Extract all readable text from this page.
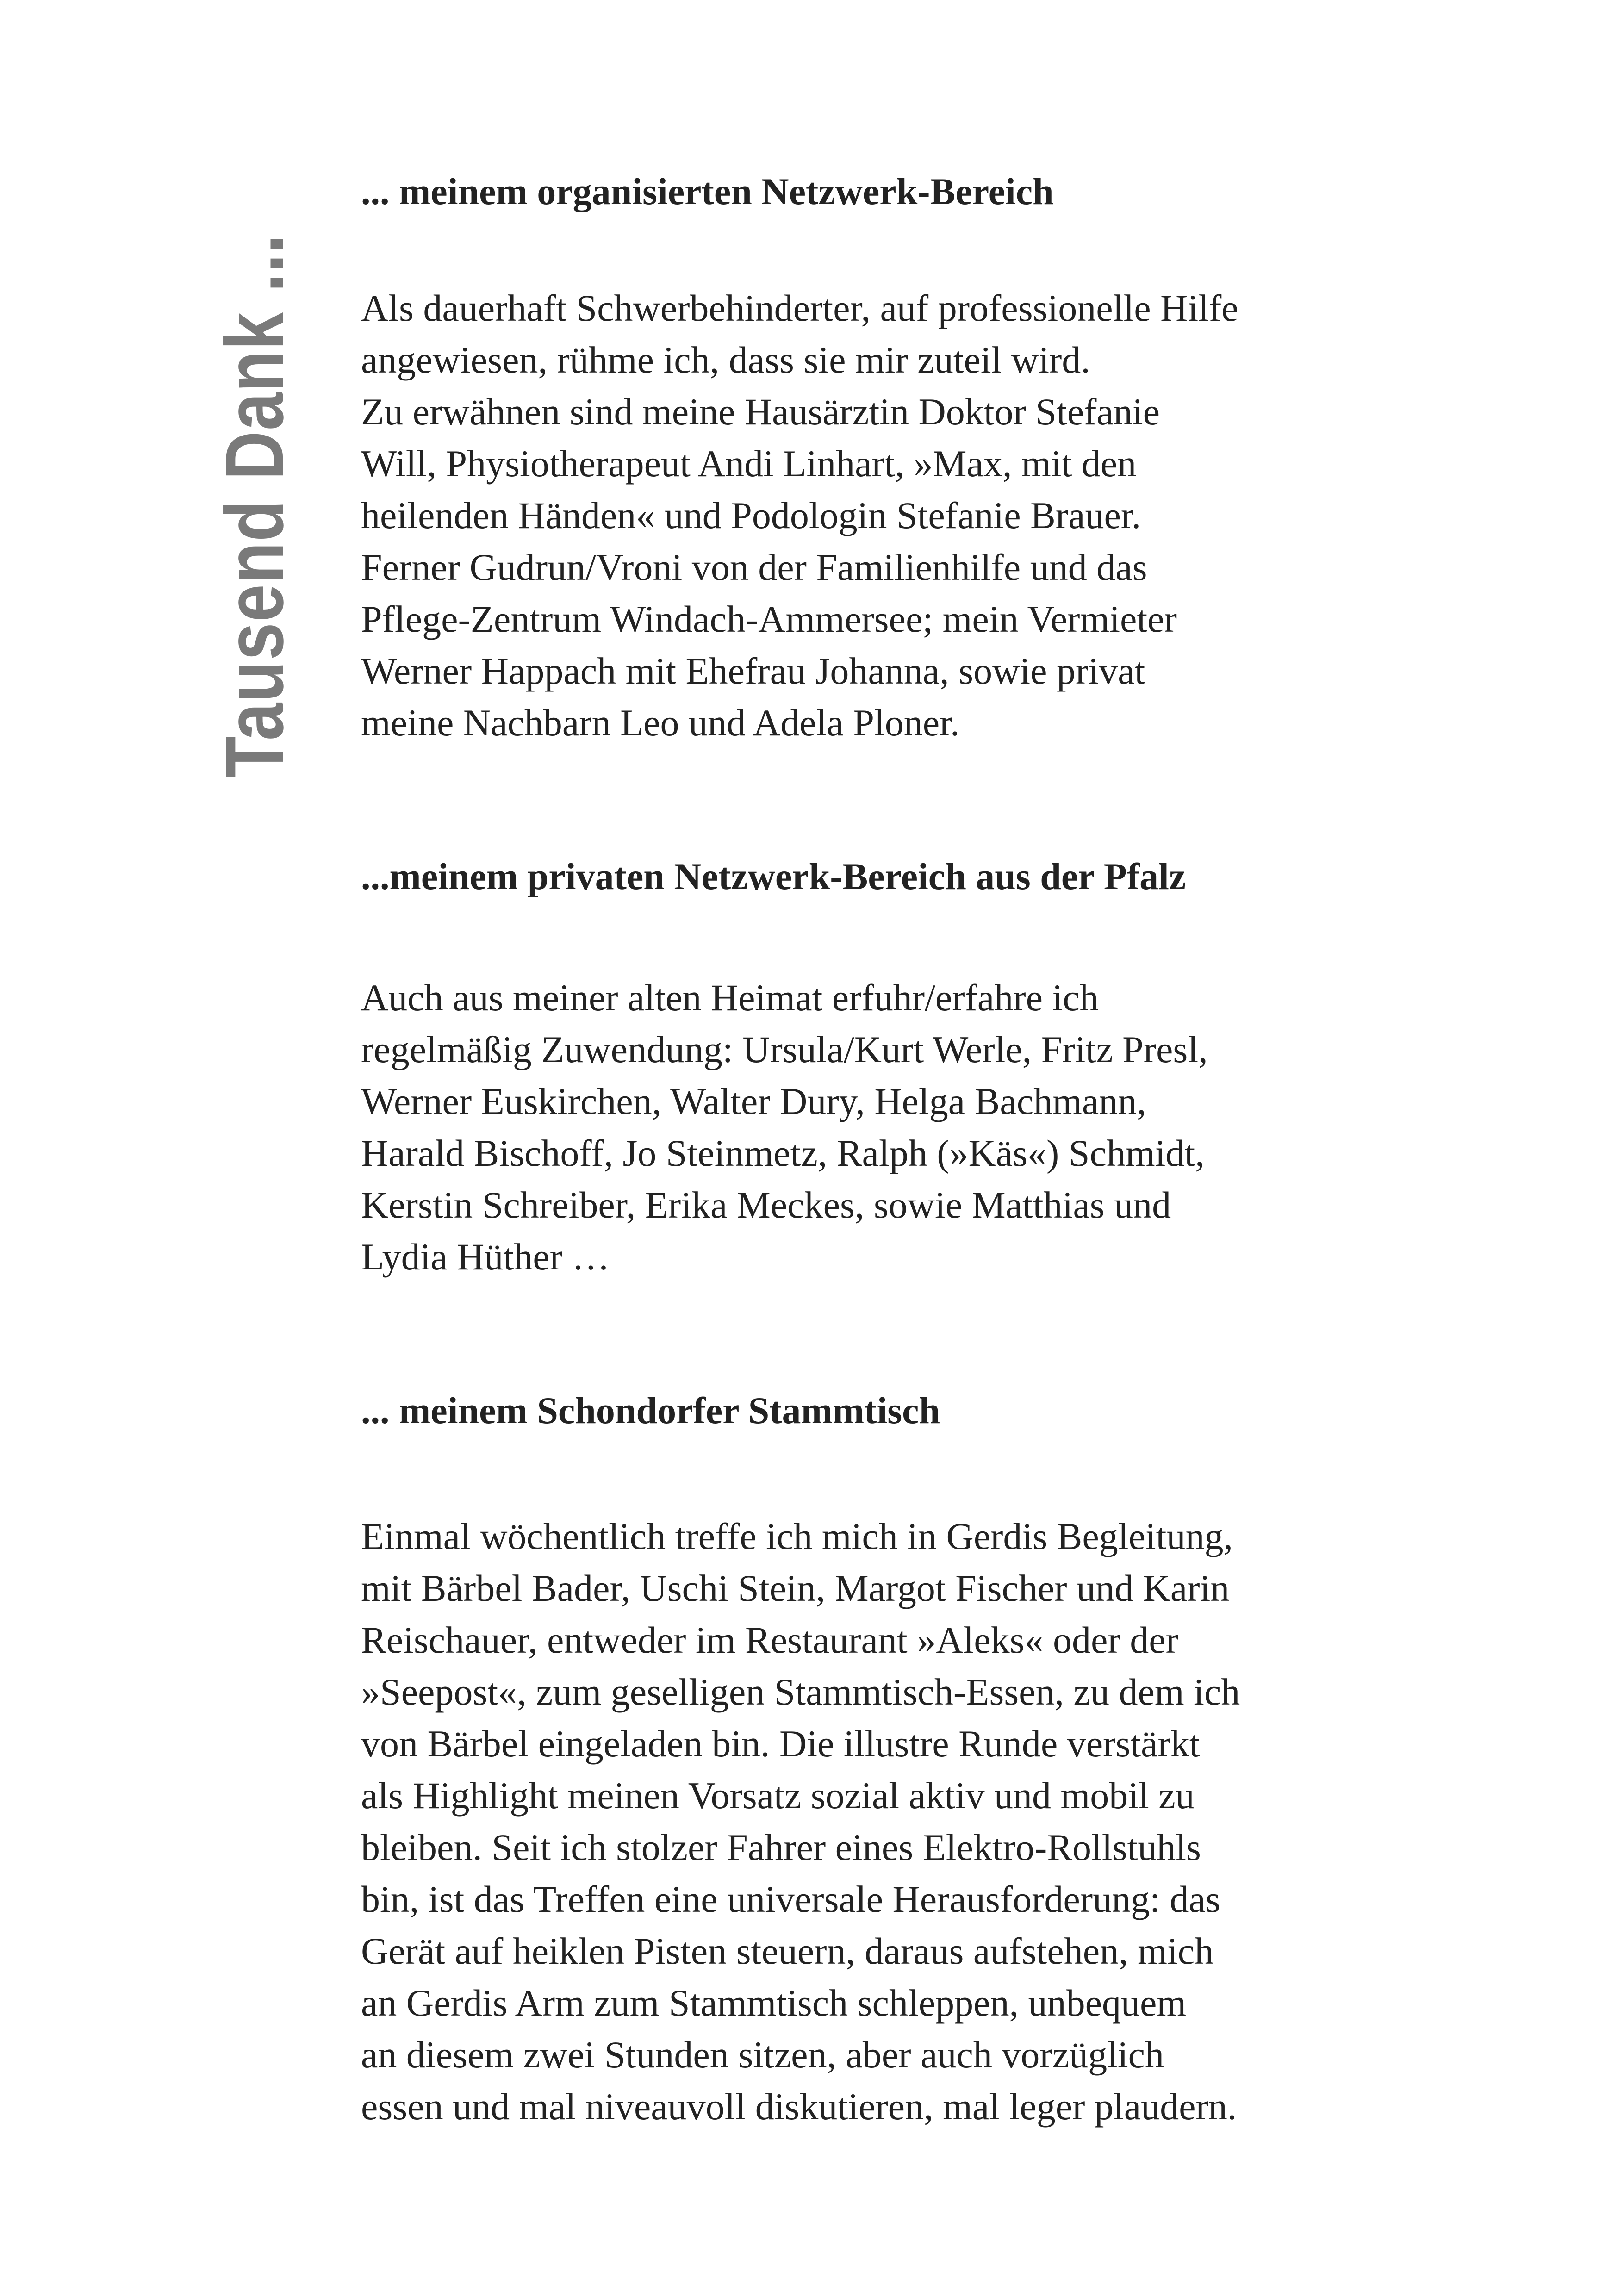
Tausend Dank ...
... meinem organisierten Netzwerk-Bereich

Als dauerhaft Schwerbehinderter, auf professionelle Hilfe
angewiesen, rühme ich, dass sie mir zuteil wird.
Zu erwähnen sind meine Hausärztin Doktor Stefanie
Will, Physiotherapeut Andi Linhart, »Max, mit den
heilenden Händen« und Podologin Stefanie Brauer.
Ferner Gudrun/Vroni von der Familienhilfe und das
Pflege-Zentrum Windach-Ammersee; mein Vermieter
Werner Happach mit Ehefrau Johanna, sowie privat
meine Nachbarn Leo und Adela Ploner.

...meinem privaten Netzwerk-Bereich aus der Pfalz

Auch aus meiner alten Heimat erfuhr/erfahre ich
regelmäßig Zuwendung: Ursula/Kurt Werle, Fritz Presl,
Werner Euskirchen, Walter Dury, Helga Bachmann,
Harald Bischoff, Jo Steinmetz, Ralph (»Käs«) Schmidt,
Kerstin Schreiber, Erika Meckes, sowie Matthias und
Lydia Hüther …

... meinem Schondorfer Stammtisch

Einmal wöchentlich treffe ich mich in Gerdis Begleitung,
mit Bärbel Bader, Uschi Stein, Margot Fischer und Karin
Reischauer, entweder im Restaurant »Aleks« oder der
»Seepost«, zum geselligen Stammtisch-Essen, zu dem ich
von Bärbel eingeladen bin. Die illustre Runde verstärkt
als Highlight meinen Vorsatz sozial aktiv und mobil zu
bleiben. Seit ich stolzer Fahrer eines Elektro-Rollstuhls
bin, ist das Treffen eine universale Herausforderung: das
Gerät auf heiklen Pisten steuern, daraus aufstehen, mich
an Gerdis Arm zum Stammtisch schleppen, unbequem
an diesem zwei Stunden sitzen, aber auch vorzüglich
essen und mal niveauvoll diskutieren, mal leger plaudern.
